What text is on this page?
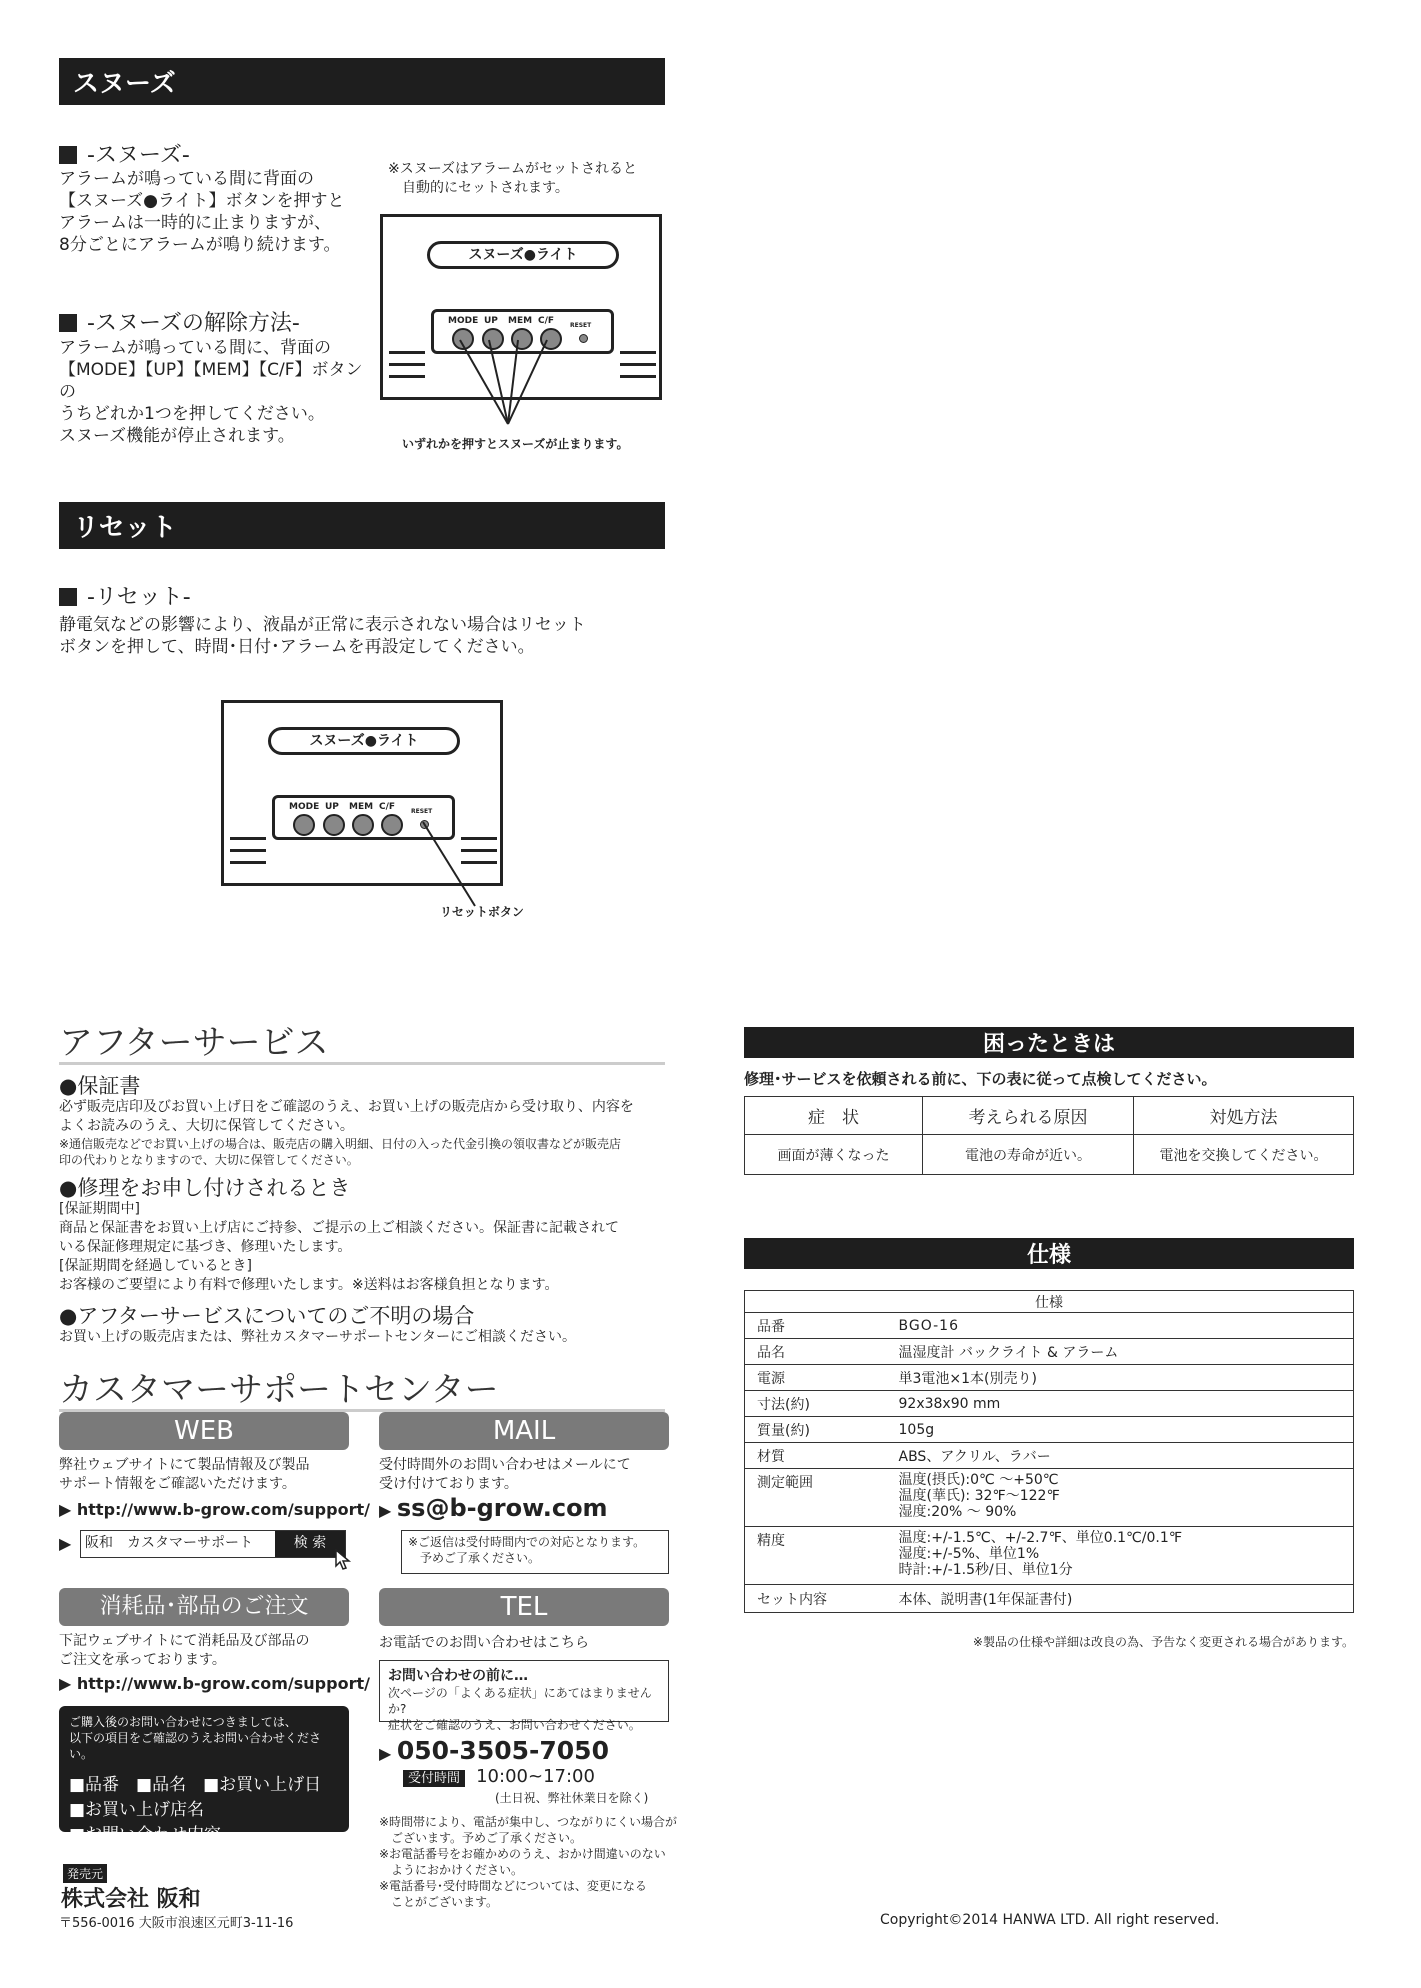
スヌーズ
-スヌーズ-
アラームが鳴っている間に背面の
【スヌーズ●ライト】ボタンを押すと
アラームは一時的に止まりますが、
8分ごとにアラームが鳴り続けます。
※スヌーズはアラームがセットされると
　自動的にセットされます。
-スヌーズの解除方法-
アラームが鳴っている間に、背面の
【MODE】【UP】【MEM】【C/F】ボタンの
うちどれか1つを押してください。
スヌーズ機能が停止されます。
スヌーズ●ライト
MODE UP MEM C/F	RESET
いずれかを押すとスヌーズが止まります。
リセット
-リセット-
静電気などの影響により、液晶が正常に表示されない場合はリセット
ボタンを押して、時間･日付･アラームを再設定してください。
スヌーズ●ライト
MODE UP MEM C/F	RESET
リセットボタン
アフターサービス
●保証書
必ず販売店印及びお買い上げ日をご確認のうえ、お買い上げの販売店から受け取り、内容を
よくお読みのうえ、大切に保管してください。
※通信販売などでお買い上げの場合は、販売店の購入明細、日付の入った代金引換の領収書などが販売店
印の代わりとなりますので、大切に保管してください。
●修理をお申し付けされるとき
[保証期間中]
商品と保証書をお買い上げ店にご持参、ご提示の上ご相談ください。保証書に記載されて
いる保証修理規定に基づき、修理いたします。
[保証期間を経過しているとき]
お客様のご要望により有料で修理いたします。※送料はお客様負担となります。
●アフターサービスについてのご不明の場合
お買い上げの販売店または、弊社カスタマーサポートセンターにご相談ください。
カスタマーサポートセンター
WEB
弊社ウェブサイトにて製品情報及び製品
サポート情報をご確認いただけます。
▶ http://www.b-grow.com/support/
▶ 阪和　カスタマーサポート	検 索
MAIL
受付時間外のお問い合わせはメールにて
受け付けております。
▶ ss@b-grow.com
※ご返信は受付時間内での対応となります。
　予めご了承ください。
消耗品･部品のご注文
下記ウェブサイトにて消耗品及び部品の
ご注文を承っております。
▶ http://www.b-grow.com/support/
ご購入後のお問い合わせにつきましては、
以下の項目をご確認のうえお問い合わせください。
■品番　■品名　■お買い上げ日
■お買い上げ店名
■お問い合わせ内容
TEL
お電話でのお問い合わせはこちら
お問い合わせの前に…
次ページの「よくある症状」にあてはまりませんか?
症状をご確認のうえ、お問い合わせください。
▶ 050-3505-7050
受付時間 10:00~17:00
(土日祝、弊社休業日を除く)
※時間帯により、電話が集中し、つながりにくい場合が
　ございます。予めご了承ください。
※お電話番号をお確かめのうえ、おかけ間違いのない
　ようにおかけください。
※電話番号･受付時間などについては、変更になる
　ことがございます。
発売元
株式会社 阪和
〒556-0016 大阪市浪速区元町3-11-16
困ったときは
修理･サービスを依頼される前に、下の表に従って点検してください。
症　状	考えられる原因	対処方法
画面が薄くなった	電池の寿命が近い。	電池を交換してください。
仕様
仕様	
品番	BGO-16
品名	温湿度計 バックライト & アラーム
電源	単3電池×1本(別売り)
寸法(約)	92x38x90 mm
質量(約)	105g
材質	ABS、アクリル、ラバー
測定範囲	温度(摂氏):0℃ ～+50℃
温度(華氏): 32℉～122℉
湿度:20% ～ 90%
精度	温度:+/-1.5℃、+/-2.7℉、単位0.1℃/0.1℉
湿度:+/-5%、単位1%
時計:+/-1.5秒/日、単位1分
セット内容	本体、説明書(1年保証書付)
※製品の仕様や詳細は改良の為、予告なく変更される場合があります。
Copyright©2014 HANWA LTD. All right reserved.
